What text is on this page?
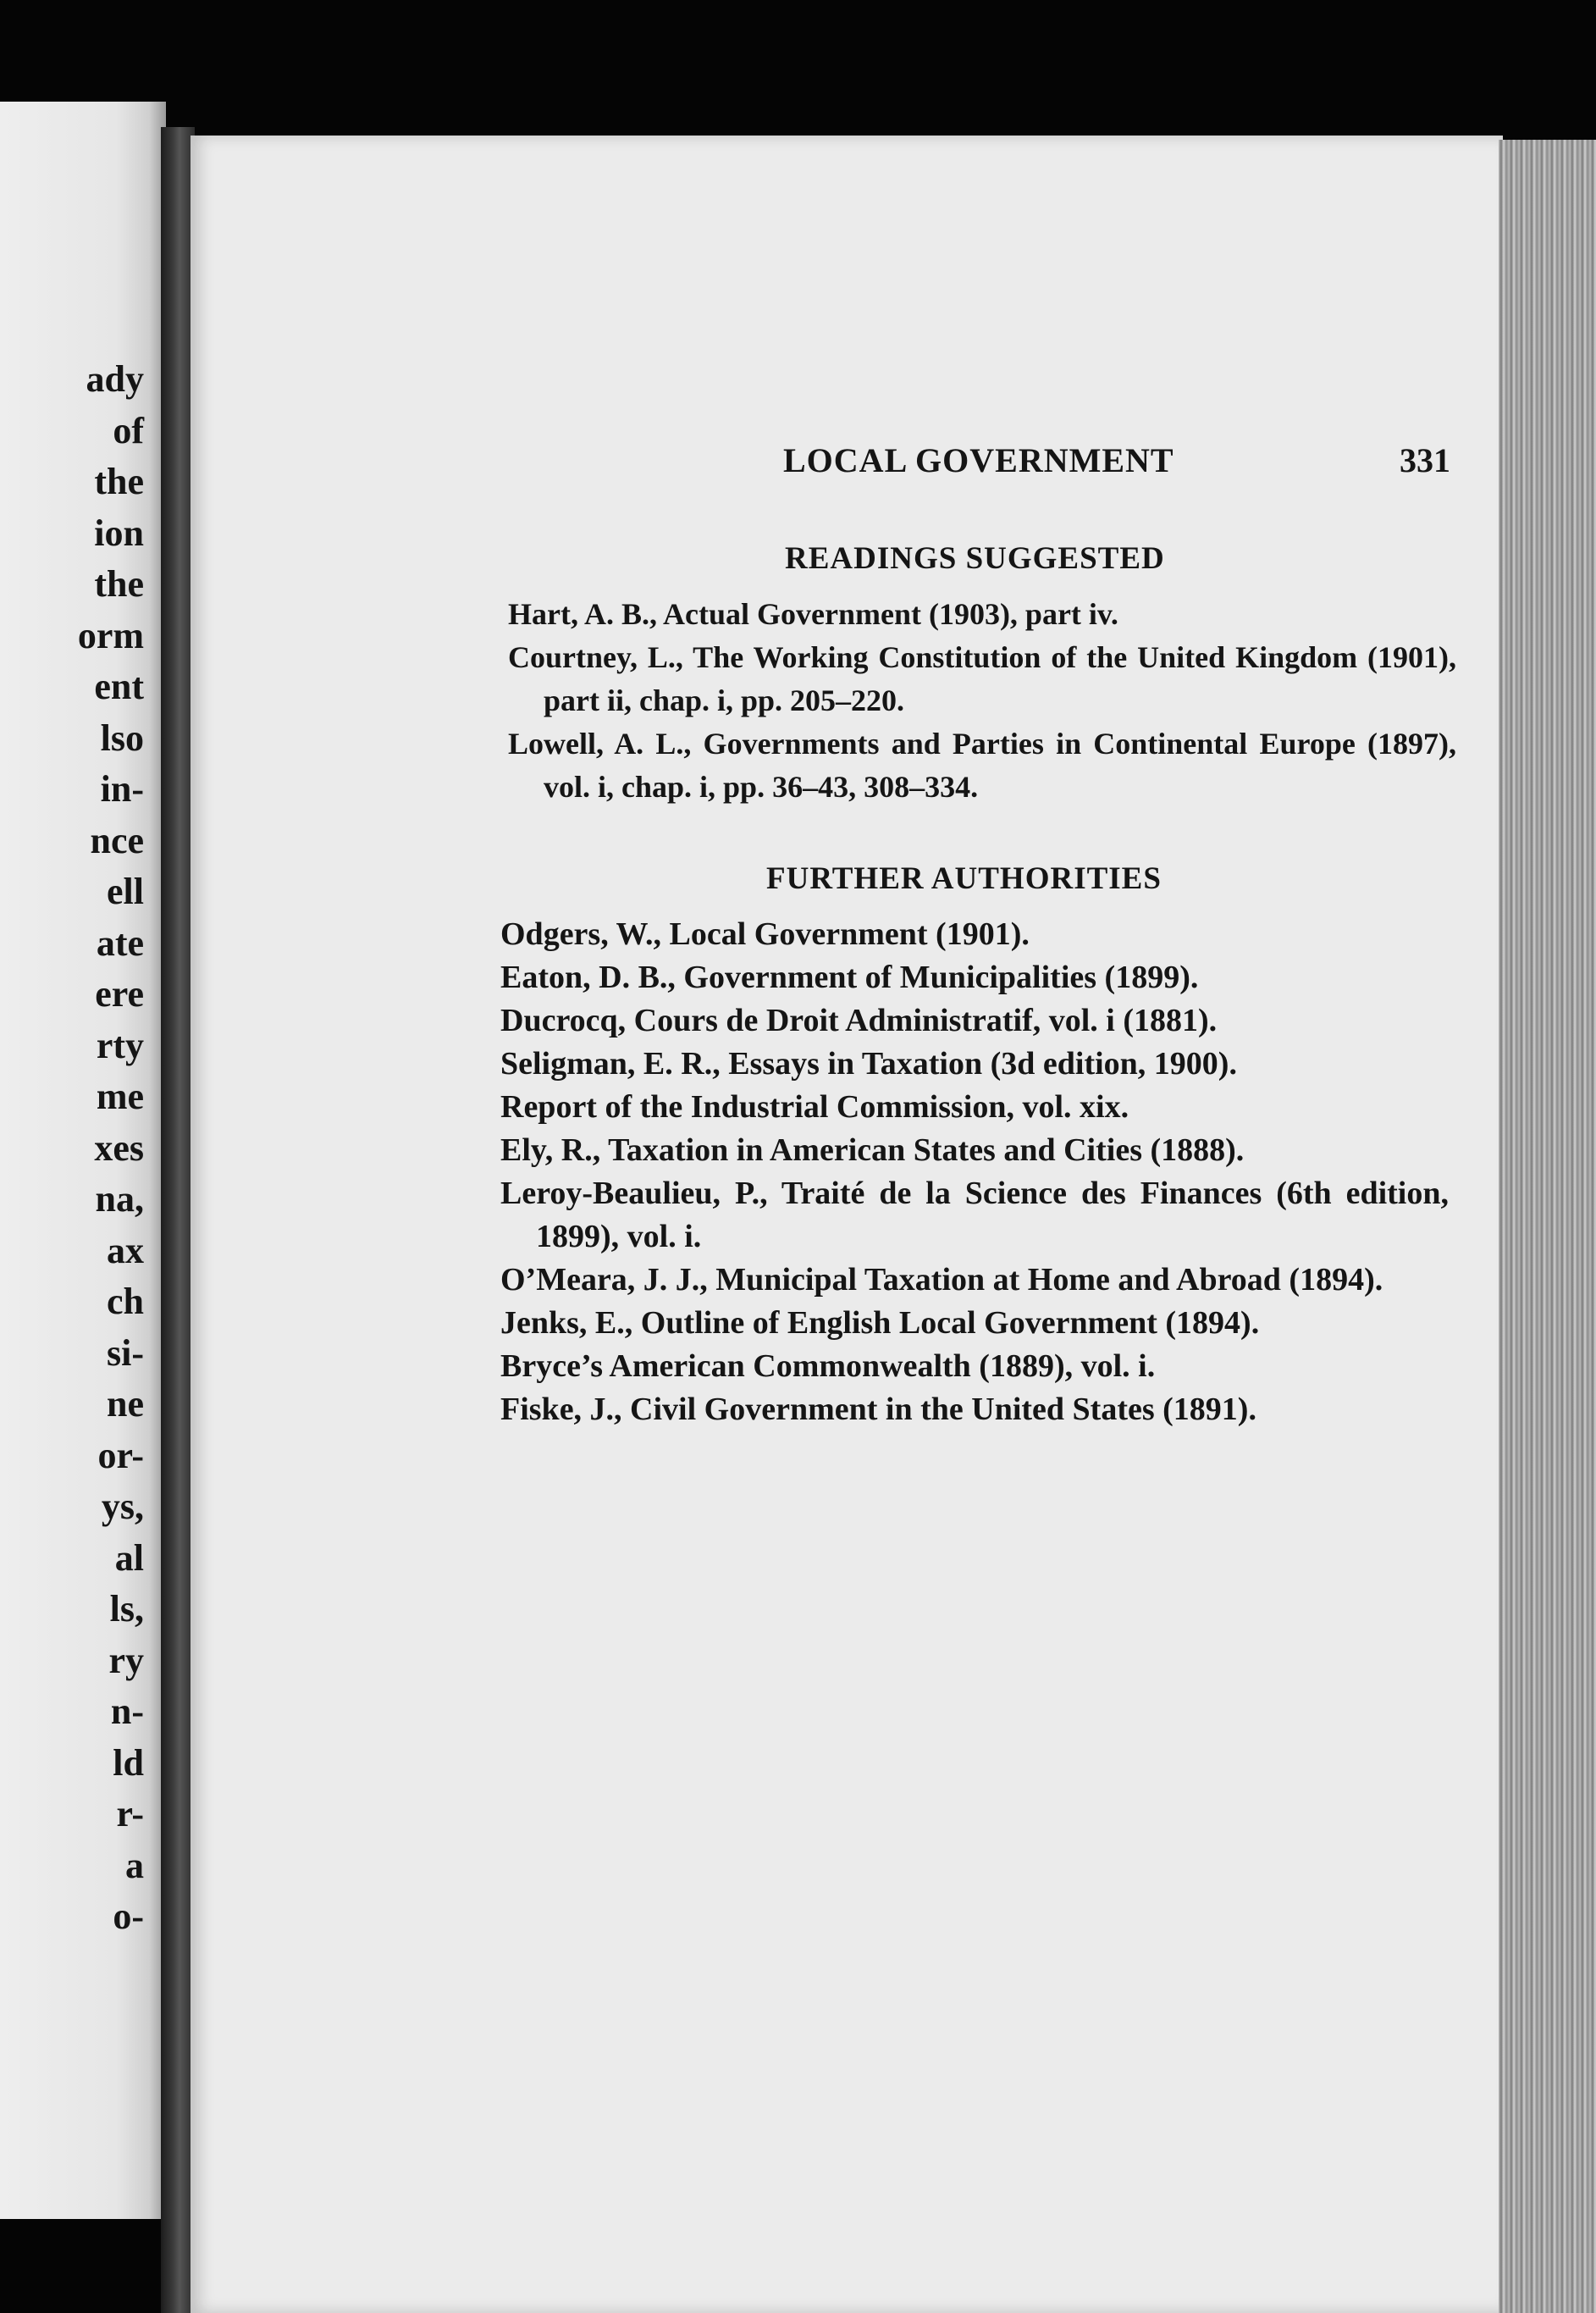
ady
of
the
ion
the
orm
ent
lso
in-
nce
ell
ate
ere
rty
me
xes
na,
ax
ch
si-
ne
or-
ys,
al
ls,
ry
n-
ld
r-
a
o-
LOCAL GOVERNMENT	331
READINGS SUGGESTED
Hart, A. B., Actual Government (1903), part iv.
Courtney, L., The Working Constitution of the United Kingdom (1901), part ii, chap. i, pp. 205–220.
Lowell, A. L., Governments and Parties in Continental Europe (1897), vol. i, chap. i, pp. 36–43, 308–334.
FURTHER AUTHORITIES
Odgers, W., Local Government (1901).
Eaton, D. B., Government of Municipalities (1899).
Ducrocq, Cours de Droit Administratif, vol. i (1881).
Seligman, E. R., Essays in Taxation (3d edition, 1900).
Report of the Industrial Commission, vol. xix.
Ely, R., Taxation in American States and Cities (1888).
Leroy-Beaulieu, P., Traité de la Science des Finances (6th edition, 1899), vol. i.
O’Meara, J. J., Municipal Taxation at Home and Abroad (1894).
Jenks, E., Outline of English Local Government (1894).
Bryce’s American Commonwealth (1889), vol. i.
Fiske, J., Civil Government in the United States (1891).
